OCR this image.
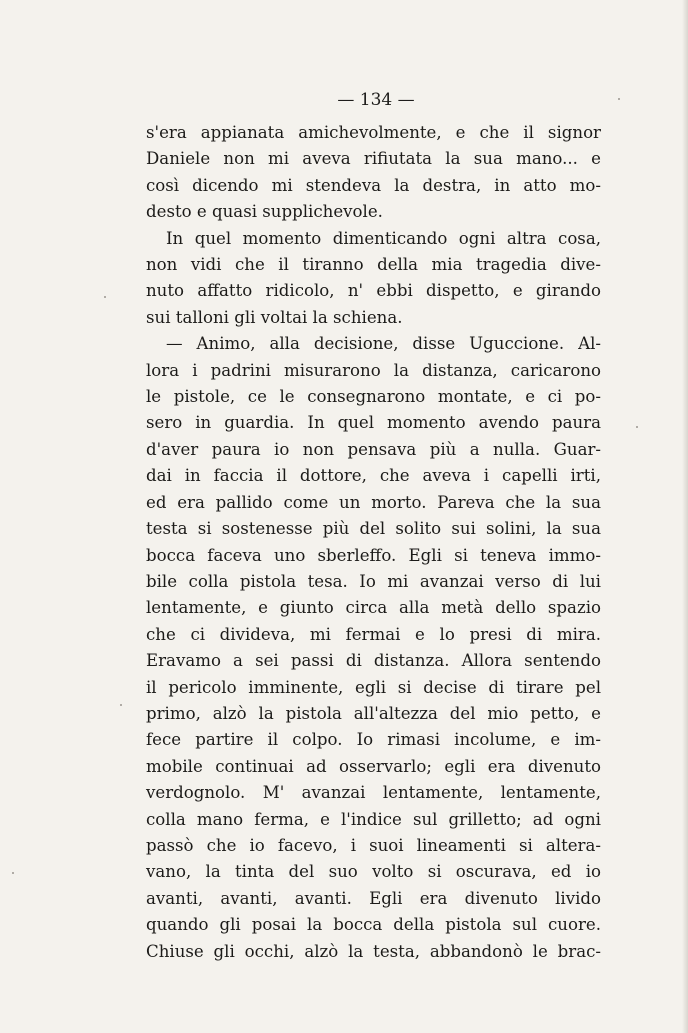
— 134 —
s'era appianata amichevolmente, e che il signor
Daniele non mi aveva rifiutata la sua mano... e
così dicendo mi stendeva la destra, in atto mo-
desto e quasi supplichevole.
In quel momento dimenticando ogni altra cosa,
non vidi che il tiranno della mia tragedia dive-
nuto affatto ridicolo, n' ebbi dispetto, e girando
sui talloni gli voltai la schiena.
— Animo, alla decisione, disse Uguccione. Al-
lora i padrini misurarono la distanza, caricarono
le pistole, ce le consegnarono montate, e ci po-
sero in guardia. In quel momento avendo paura
d'aver paura io non pensava più a nulla. Guar-
dai in faccia il dottore, che aveva i capelli irti,
ed era pallido come un morto. Pareva che la sua
testa si sostenesse più del solito sui solini, la sua
bocca faceva uno sberleffo. Egli si teneva immo-
bile colla pistola tesa. Io mi avanzai verso di lui
lentamente, e giunto circa alla metà dello spazio
che ci divideva, mi fermai e lo presi di mira.
Eravamo a sei passi di distanza. Allora sentendo
il pericolo imminente, egli si decise di tirare pel
primo, alzò la pistola all'altezza del mio petto, e
fece partire il colpo. Io rimasi incolume, e im-
mobile continuai ad osservarlo; egli era divenuto
verdognolo. M' avanzai lentamente, lentamente,
colla mano ferma, e l'indice sul grilletto; ad ogni
passò che io facevo, i suoi lineamenti si altera-
vano, la tinta del suo volto si oscurava, ed io
avanti, avanti, avanti. Egli era divenuto livido
quando gli posai la bocca della pistola sul cuore.
Chiuse gli occhi, alzò la testa, abbandonò le brac-
